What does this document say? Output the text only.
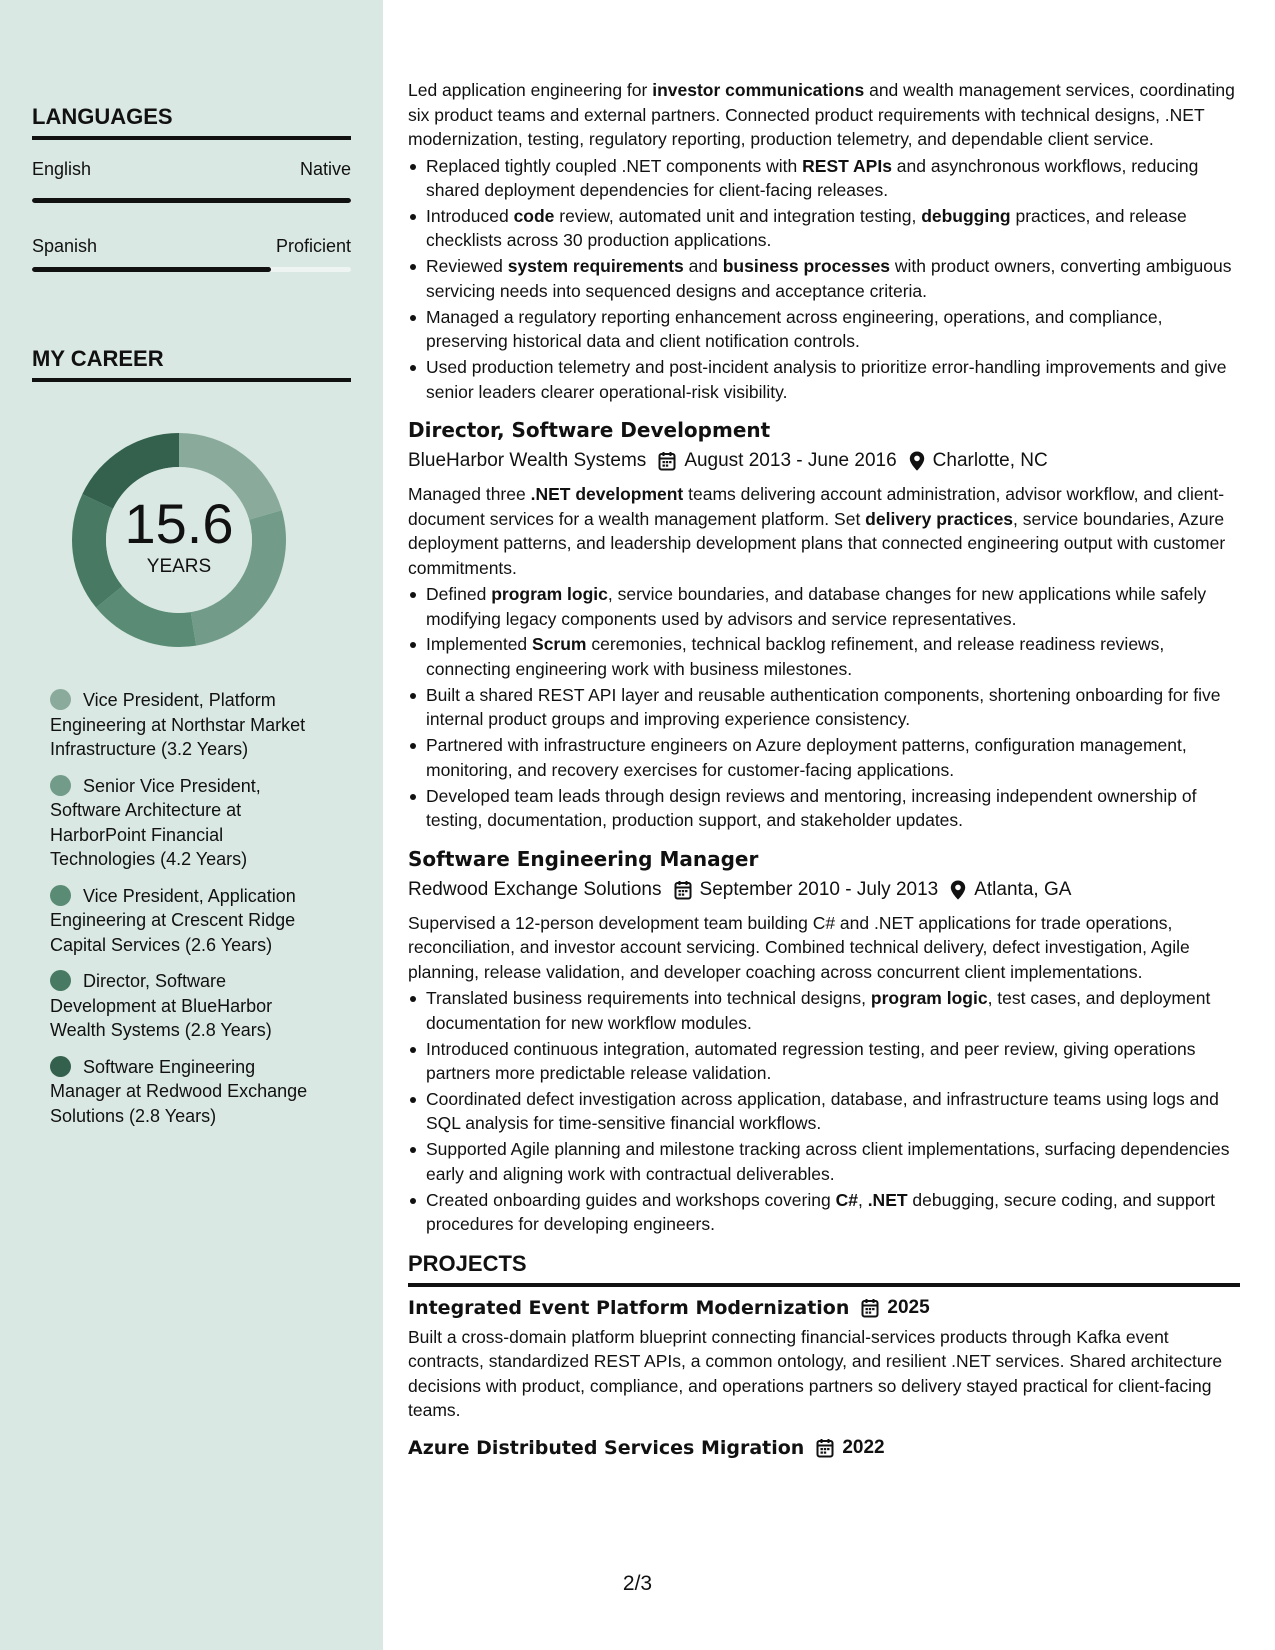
LANGUAGES
English	Native
Spanish	Proficient
MY CAREER
15.6
YEARS
Vice President, Platform Engineering at Northstar Market Infrastructure (3.2 Years)
Senior Vice President, Software Architecture at HarborPoint Financial Technologies (4.2 Years)
Vice President, Application Engineering at Crescent Ridge Capital Services (2.6 Years)
Director, Software Development at BlueHarbor Wealth Systems (2.8 Years)
Software Engineering Manager at Redwood Exchange Solutions (2.8 Years)

Led application engineering for investor communications and wealth management services, coordinating six product teams and external partners. Connected product requirements with technical designs, .NET modernization, testing, regulatory reporting, production telemetry, and dependable client service.

Replaced tightly coupled .NET components with REST APIs and asynchronous workflows, reducing shared deployment dependencies for client-facing releases.
Introduced code review, automated unit and integration testing, debugging practices, and release checklists across 30 production applications.
Reviewed system requirements and business processes with product owners, converting ambiguous servicing needs into sequenced designs and acceptance criteria.
Managed a regulatory reporting enhancement across engineering, operations, and compliance, preserving historical data and client notification controls.
Used production telemetry and post-incident analysis to prioritize error-handling improvements and give senior leaders clearer operational-risk visibility.
Director, Software Development
BlueHarbor Wealth Systems August 2013 - June 2016 Charlotte, NC

Managed three .NET development teams delivering account administration, advisor workflow, and client-document services for a wealth management platform. Set delivery practices, service boundaries, Azure deployment patterns, and leadership development plans that connected engineering output with customer commitments.

Defined program logic, service boundaries, and database changes for new applications while safely modifying legacy components used by advisors and service representatives.
Implemented Scrum ceremonies, technical backlog refinement, and release readiness reviews, connecting engineering work with business milestones.
Built a shared REST API layer and reusable authentication components, shortening onboarding for five internal product groups and improving experience consistency.
Partnered with infrastructure engineers on Azure deployment patterns, configuration management, monitoring, and recovery exercises for customer-facing applications.
Developed team leads through design reviews and mentoring, increasing independent ownership of testing, documentation, production support, and stakeholder updates.
Software Engineering Manager
Redwood Exchange Solutions September 2010 - July 2013 Atlanta, GA

Supervised a 12-person development team building C# and .NET applications for trade operations, reconciliation, and investor account servicing. Combined technical delivery, defect investigation, Agile planning, release validation, and developer coaching across concurrent client implementations.

Translated business requirements into technical designs, program logic, test cases, and deployment documentation for new workflow modules.
Introduced continuous integration, automated regression testing, and peer review, giving operations partners more predictable release validation.
Coordinated defect investigation across application, database, and infrastructure teams using logs and SQL analysis for time-sensitive financial workflows.
Supported Agile planning and milestone tracking across client implementations, surfacing dependencies early and aligning work with contractual deliverables.
Created onboarding guides and workshops covering C#, .NET debugging, secure coding, and support procedures for developing engineers.
PROJECTS
Integrated Event Platform Modernization 2025

Built a cross-domain platform blueprint connecting financial-services products through Kafka event contracts, standardized REST APIs, a common ontology, and resilient .NET services. Shared architecture decisions with product, compliance, and operations partners so delivery stayed practical for client-facing teams.

Azure Distributed Services Migration 2022
2/3
